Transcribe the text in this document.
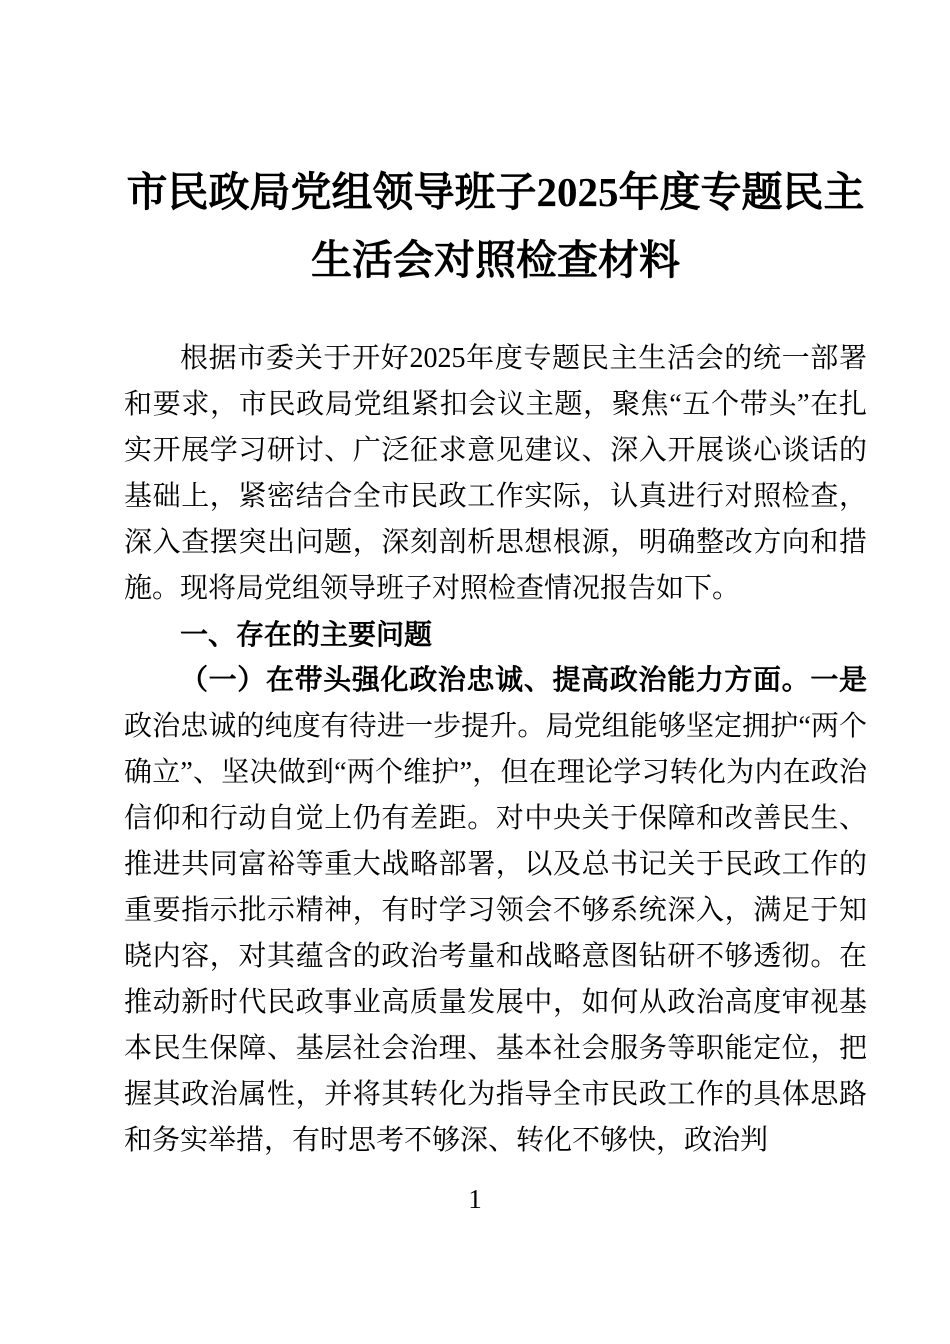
市民政局党组领导班子2025年度专题民主
生活会对照检查材料

根据市委关于开好2025年度专题民主生活会的统一部署和要求，市民政局党组紧扣会议主题，聚焦“五个带头”在扎实开展学习研讨、广泛征求意见建议、深入开展谈心谈话的基础上，紧密结合全市民政工作实际，认真进行对照检查，深入查摆突出问题，深刻剖析思想根源，明确整改方向和措施。现将局党组领导班子对照检查情况报告如下。

一、存在的主要问题

（一）在带头强化政治忠诚、提高政治能力方面。一是政治忠诚的纯度有待进一步提升。局党组能够坚定拥护“两个确立”、坚决做到“两个维护”，但在理论学习转化为内在政治信仰和行动自觉上仍有差距。对中央关于保障和改善民生、推进共同富裕等重大战略部署，以及总书记关于民政工作的重要指示批示精神，有时学习领会不够系统深入，满足于知晓内容，对其蕴含的政治考量和战略意图钻研不够透彻。在推动新时代民政事业高质量发展中，如何从政治高度审视基本民生保障、基层社会治理、基本社会服务等职能定位，把握其政治属性，并将其转化为指导全市民政工作的具体思路和务实举措，有时思考不够深、转化不够快，政治判

1
